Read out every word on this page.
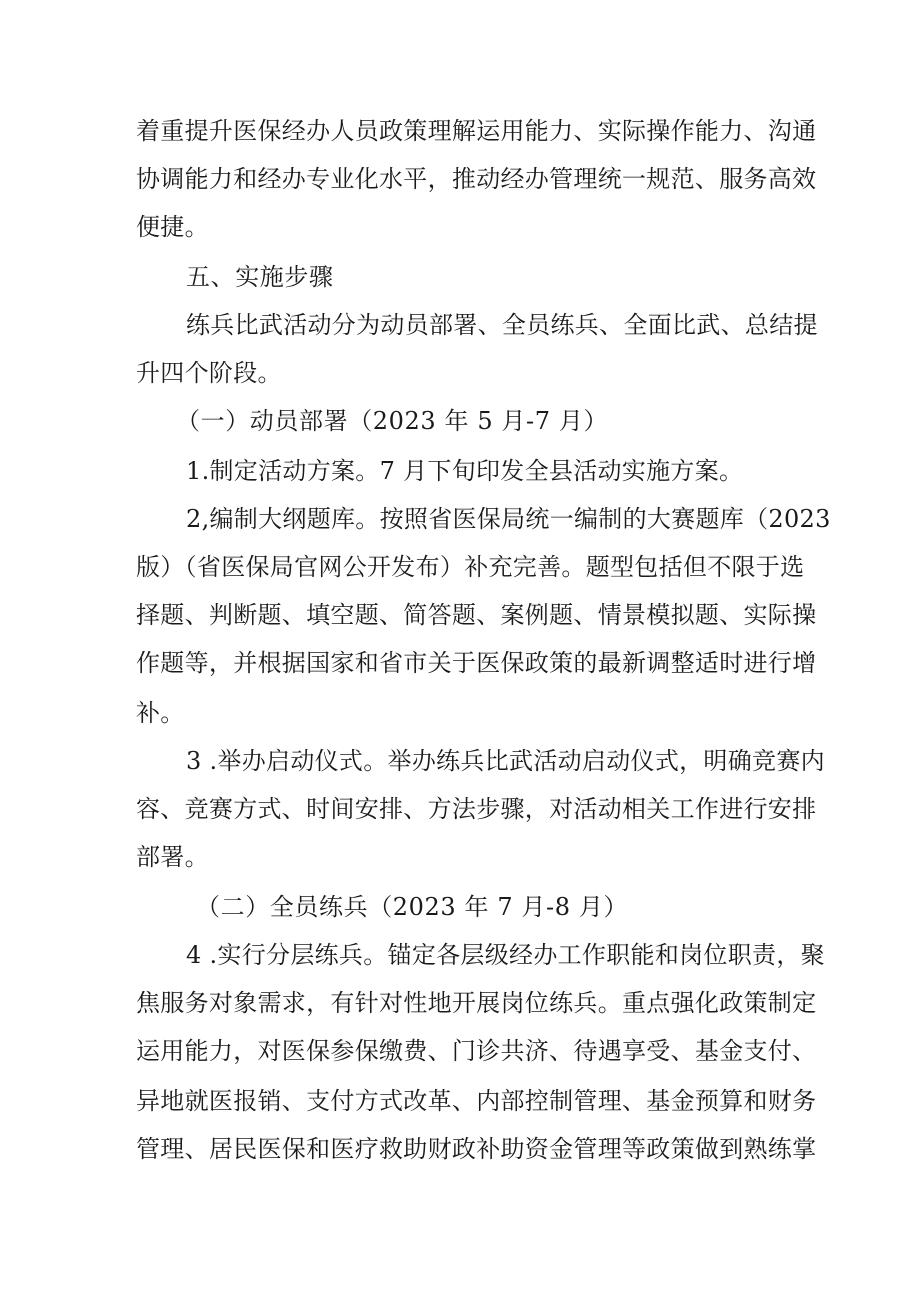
着重提升医保经办人员政策理解运用能力、实际操作能力、沟通
协调能力和经办专业化水平，推动经办管理统一规范、服务高效
便捷。
五、实施步骤
练兵比武活动分为动员部署、全员练兵、全面比武、总结提
升四个阶段。
（一）动员部署（2023 年 5 月-7 月）
1.制定活动方案。7 月下旬印发全县活动实施方案。
2,编制大纲题库。按照省医保局统一编制的大赛题库（2023
版）（省医保局官网公开发布）补充完善。题型包括但不限于选
择题、判断题、填空题、简答题、案例题、情景模拟题、实际操
作题等，并根据国家和省市关于医保政策的最新调整适时进行增
补。
3 .举办启动仪式。举办练兵比武活动启动仪式，明确竞赛内
容、竞赛方式、时间安排、方法步骤，对活动相关工作进行安排
部署。
（二）全员练兵（2023 年 7 月-8 月）
4 .实行分层练兵。锚定各层级经办工作职能和岗位职责，聚
焦服务对象需求，有针对性地开展岗位练兵。重点强化政策制定
运用能力，对医保参保缴费、门诊共济、待遇享受、基金支付、
异地就医报销、支付方式改革、内部控制管理、基金预算和财务
管理、居民医保和医疗救助财政补助资金管理等政策做到熟练掌
